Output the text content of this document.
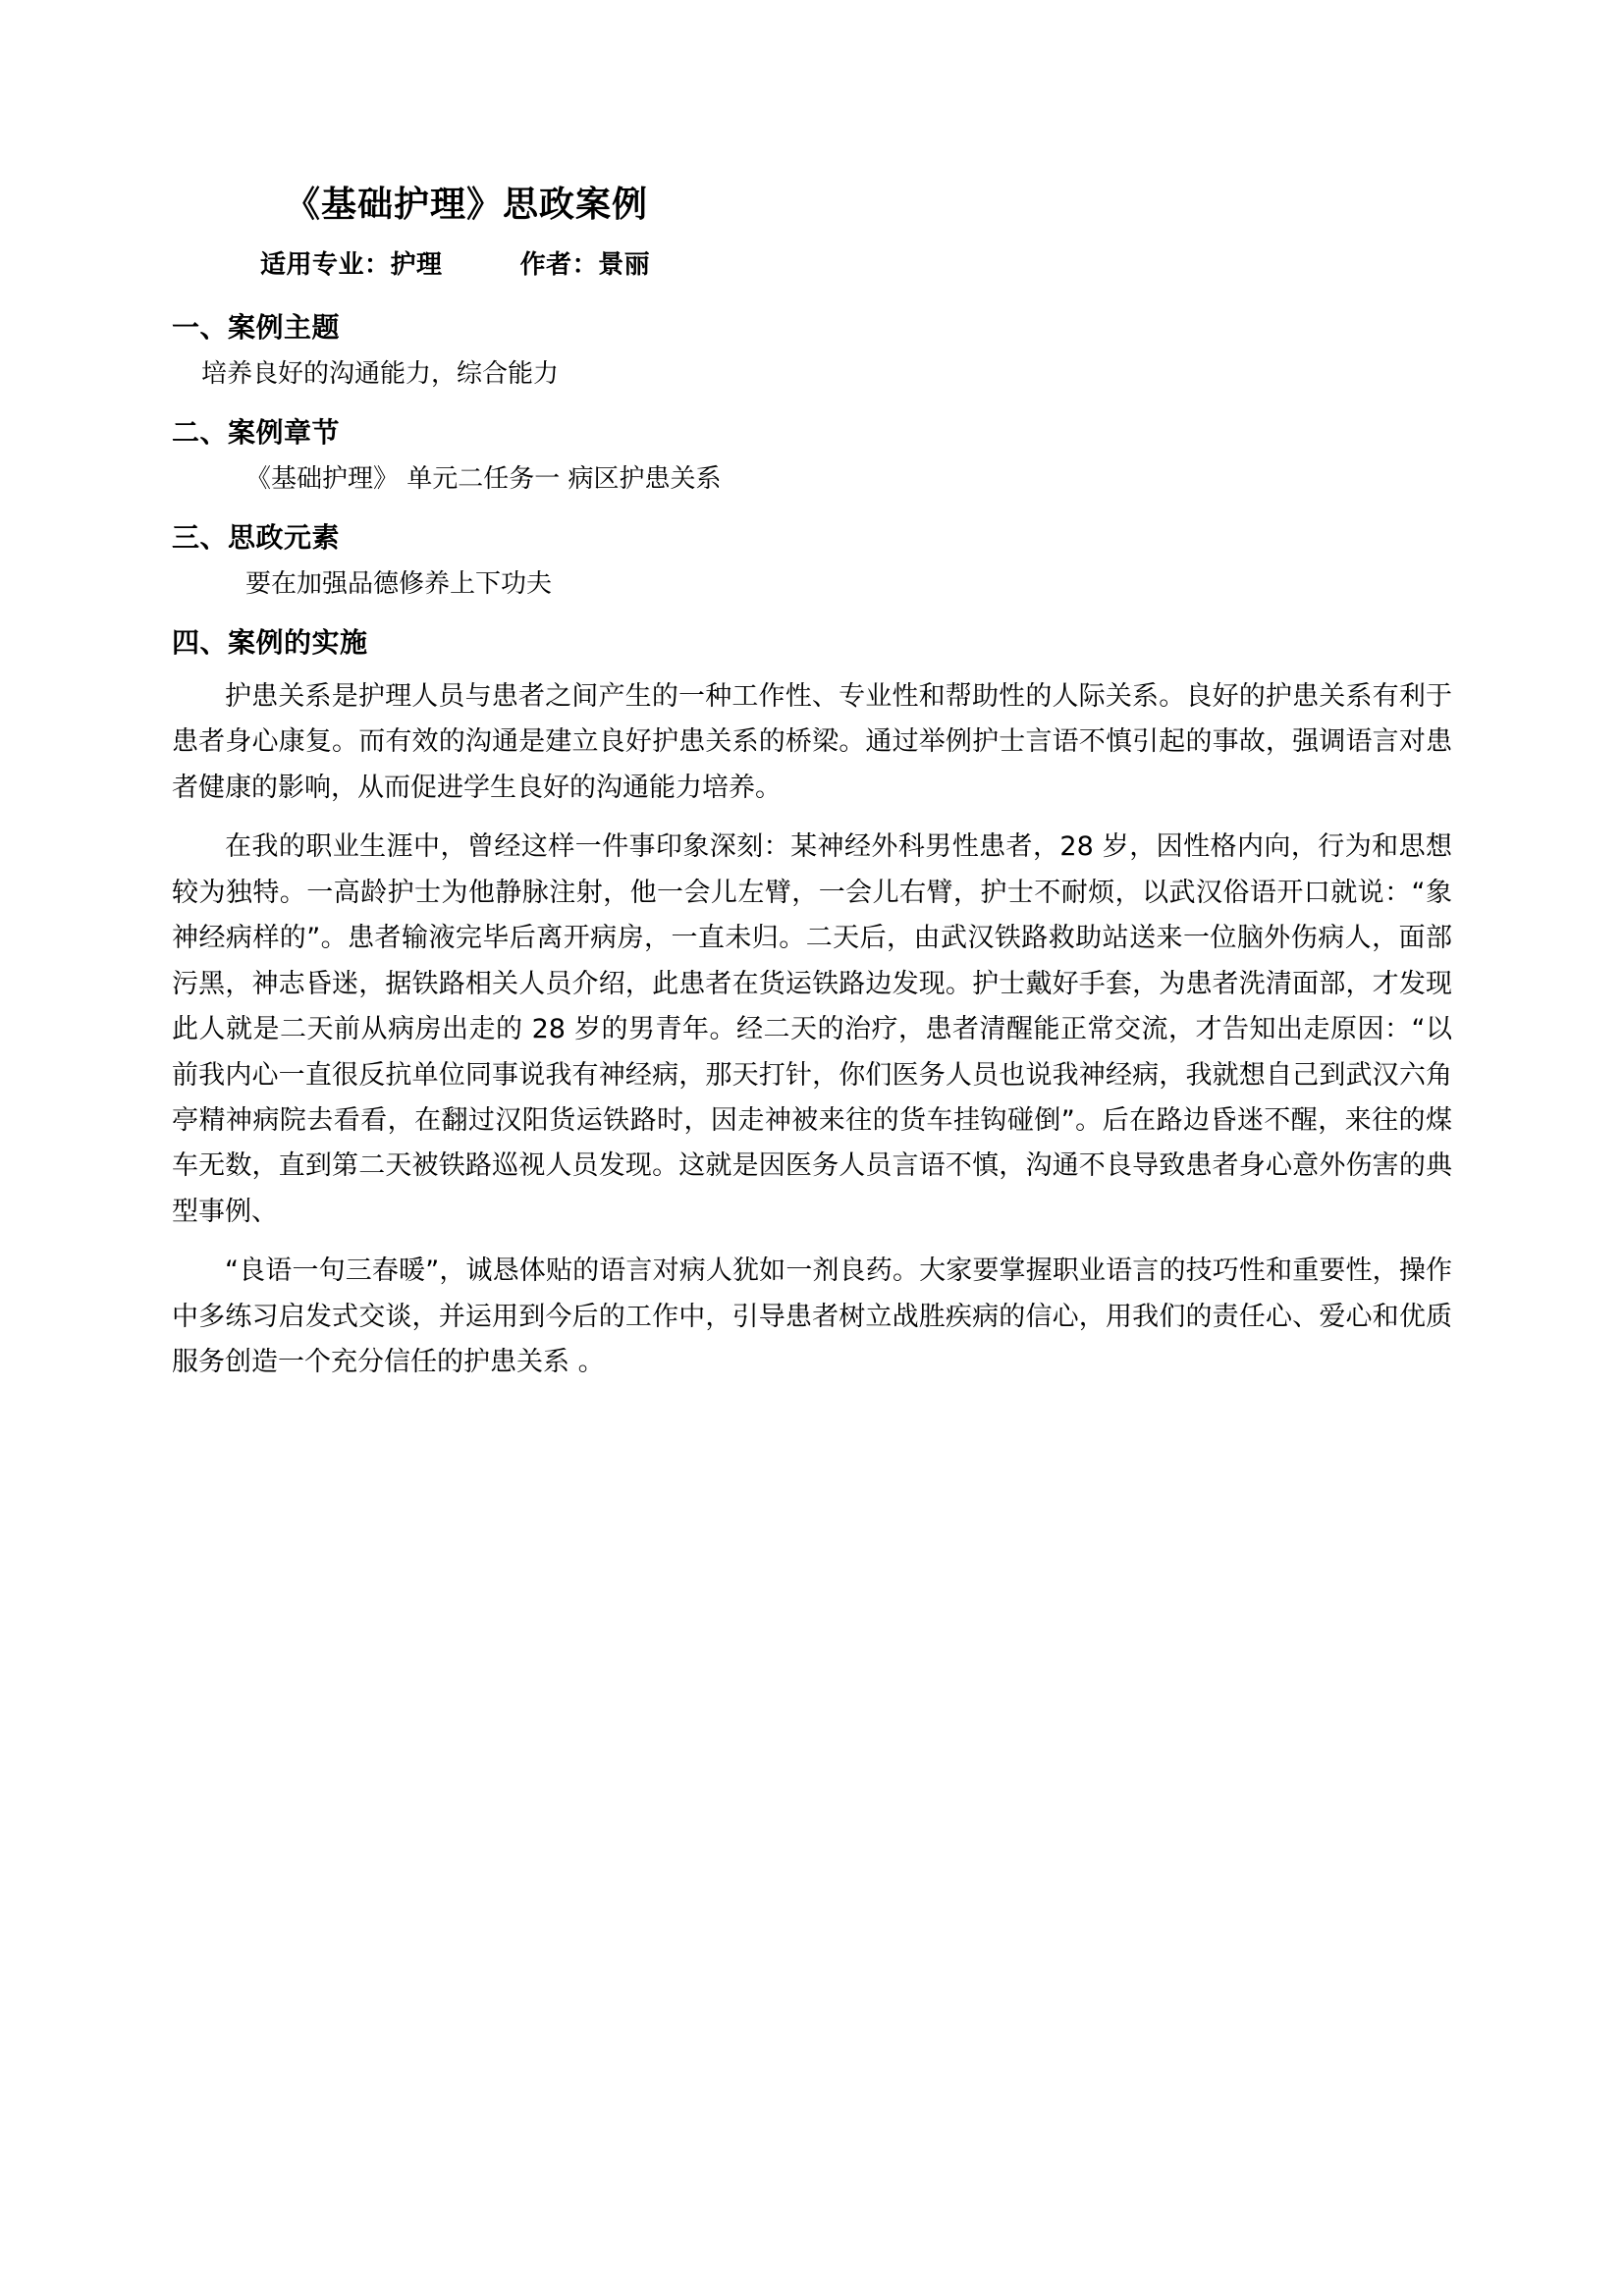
《基础护理》思政案例
适用专业：护理	作者：景丽
一、案例主题
培养良好的沟通能力，综合能力
二、案例章节
《基础护理》 单元二任务一 病区护患关系
三、思政元素
要在加强品德修养上下功夫
四、案例的实施

护患关系是护理人员与患者之间产生的一种工作性、专业性和帮助性的人际关系。良好的护患关系有利于患者身心康复。而有效的沟通是建立良好护患关系的桥梁。通过举例护士言语不慎引起的事故，强调语言对患者健康的影响，从而促进学生良好的沟通能力培养。

在我的职业生涯中，曾经这样一件事印象深刻：某神经外科男性患者，28 岁，因性格内向，行为和思想较为独特。一高龄护士为他静脉注射，他一会儿左臂，一会儿右臂，护士不耐烦，以武汉俗语开口就说：“象神经病样的”。患者输液完毕后离开病房，一直未归。二天后，由武汉铁路救助站送来一位脑外伤病人，面部污黑，神志昏迷，据铁路相关人员介绍，此患者在货运铁路边发现。护士戴好手套，为患者洗清面部，才发现此人就是二天前从病房出走的 28 岁的男青年。经二天的治疗，患者清醒能正常交流，才告知出走原因：“以前我内心一直很反抗单位同事说我有神经病，那天打针，你们医务人员也说我神经病，我就想自己到武汉六角亭精神病院去看看，在翻过汉阳货运铁路时，因走神被来往的货车挂钩碰倒”。后在路边昏迷不醒，来往的煤车无数，直到第二天被铁路巡视人员发现。这就是因医务人员言语不慎，沟通不良导致患者身心意外伤害的典型事例、

“良语一句三春暖”，诚恳体贴的语言对病人犹如一剂良药。大家要掌握职业语言的技巧性和重要性，操作中多练习启发式交谈，并运用到今后的工作中，引导患者树立战胜疾病的信心，用我们的责任心、爱心和优质服务创造一个充分信任的护患关系 。
